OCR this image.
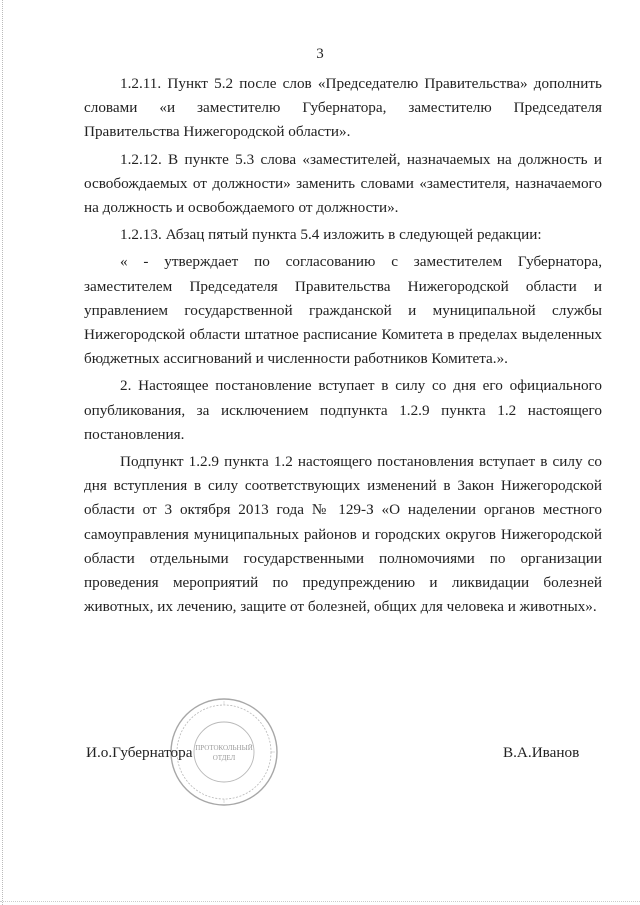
3

1.2.11. Пункт 5.2 после слов «Председателю Правительства» дополнить словами «и заместителю Губернатора, заместителю Председателя Правительства Нижегородской области».

1.2.12. В пункте 5.3 слова «заместителей, назначаемых на должность и освобождаемых от должности» заменить словами «заместителя, назначаемого на должность и освобождаемого от должности».

1.2.13. Абзац пятый пункта 5.4 изложить в следующей редакции:

« - утверждает по согласованию с заместителем Губернатора, заместителем Председателя Правительства Нижегородской области и управлением государственной гражданской и муниципальной службы Нижегородской области штатное расписание Комитета в пределах выделенных бюджетных ассигнований и численности работников Комитета.».

2. Настоящее постановление вступает в силу со дня его официального опубликования, за исключением подпункта 1.2.9 пункта 1.2 настоящего постановления.

Подпункт 1.2.9 пункта 1.2 настоящего постановления вступает в силу со дня вступления в силу соответствующих изменений в Закон Нижегородской области от 3 октября 2013 года № 129-З «О наделении органов местного самоуправления муниципальных районов и городских округов Нижегородской области отдельными государственными полномочиями по организации проведения мероприятий по предупреждению и ликвидации болезней животных, их лечению, защите от болезней, общих для человека и животных».

ПРОТОКОЛЬНЫЙ
ОТДЕЛ
И.о.Губернатора	В.А.Иванов
